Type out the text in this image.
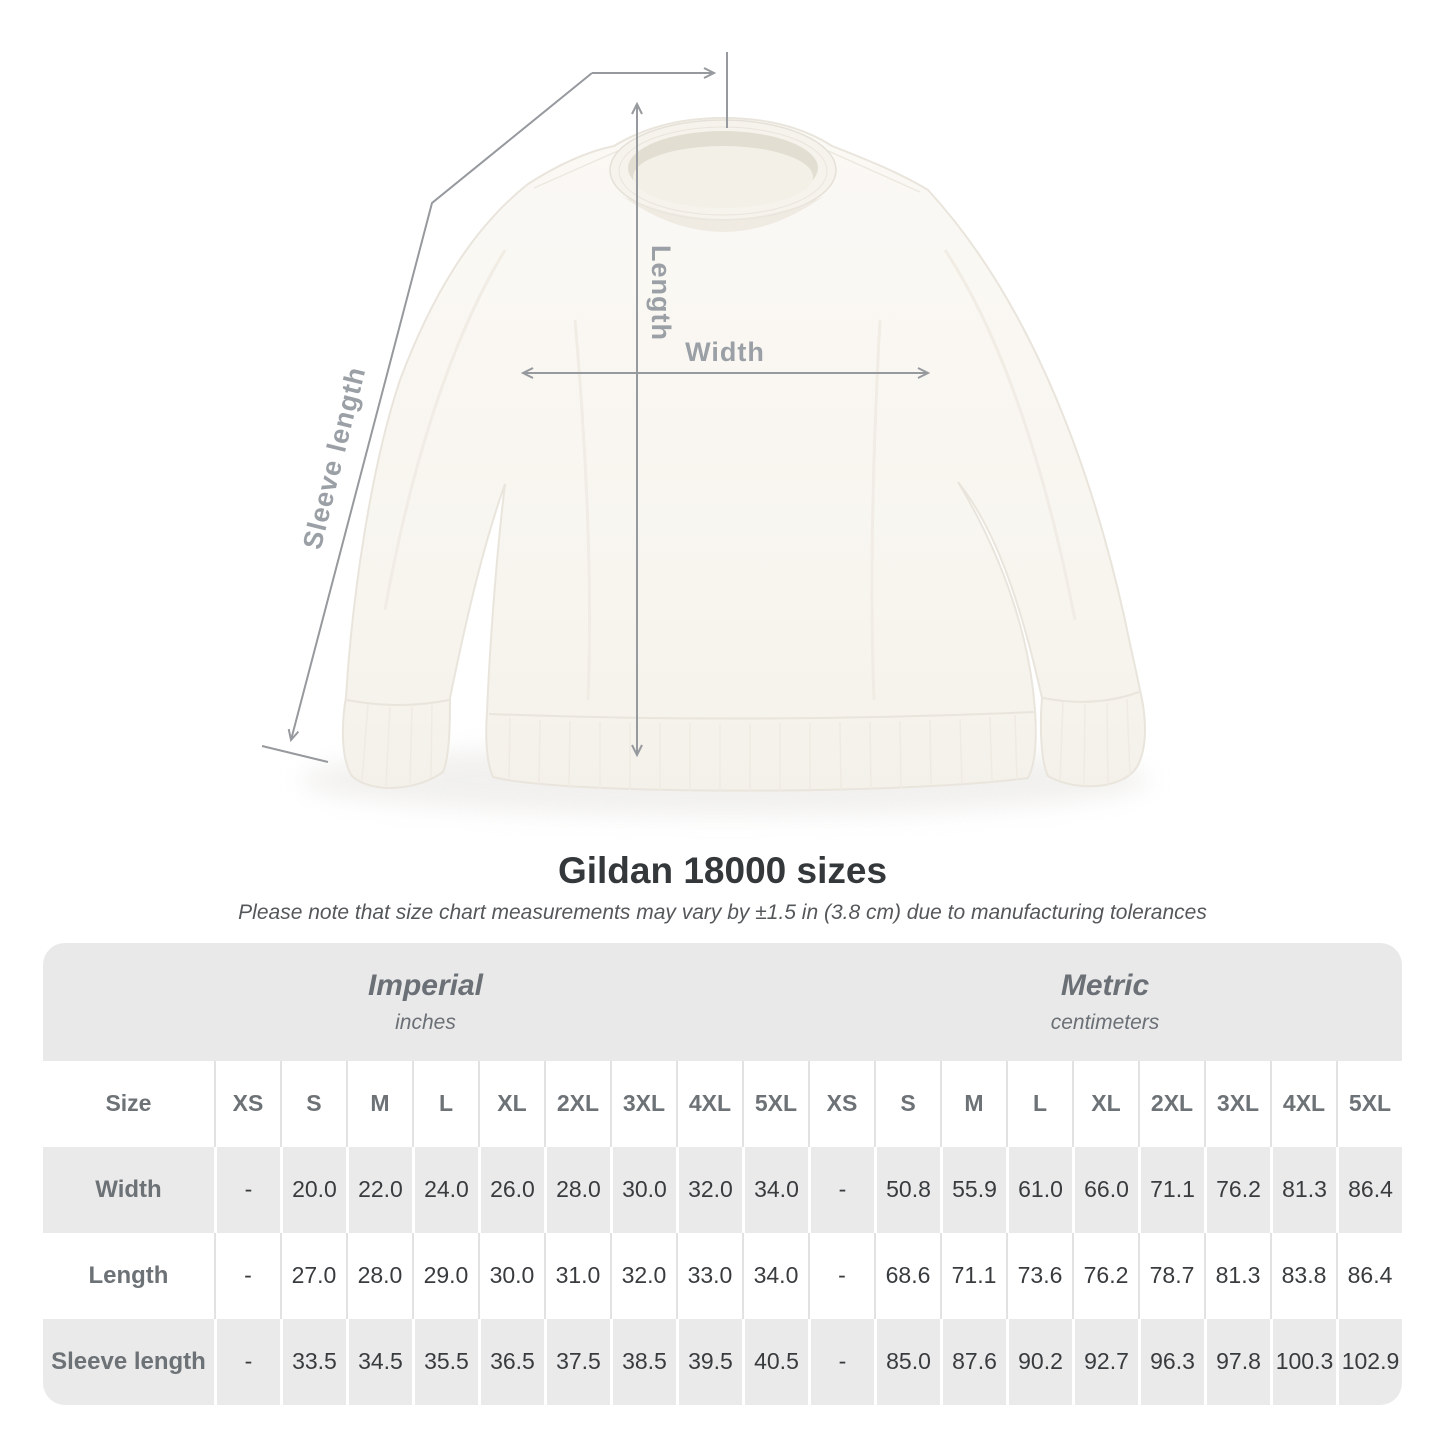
Width
Length
Sleeve length
Gildan 18000 sizes
Please note that size chart measurements may vary by ±1.5 in (3.8 cm) due to manufacturing tolerances
Imperial
inches

Metric
centimeters

Size	XS	S	M	L	XL	2XL	3XL	4XL	5XL	XS	S	M	L	XL	2XL	3XL	4XL	5XL
Width	-	20.0	22.0	24.0	26.0	28.0	30.0	32.0	34.0	-	50.8	55.9	61.0	66.0	71.1	76.2	81.3	86.4
Length	-	27.0	28.0	29.0	30.0	31.0	32.0	33.0	34.0	-	68.6	71.1	73.6	76.2	78.7	81.3	83.8	86.4
Sleeve length	-	33.5	34.5	35.5	36.5	37.5	38.5	39.5	40.5	-	85.0	87.6	90.2	92.7	96.3	97.8	100.3	102.9
